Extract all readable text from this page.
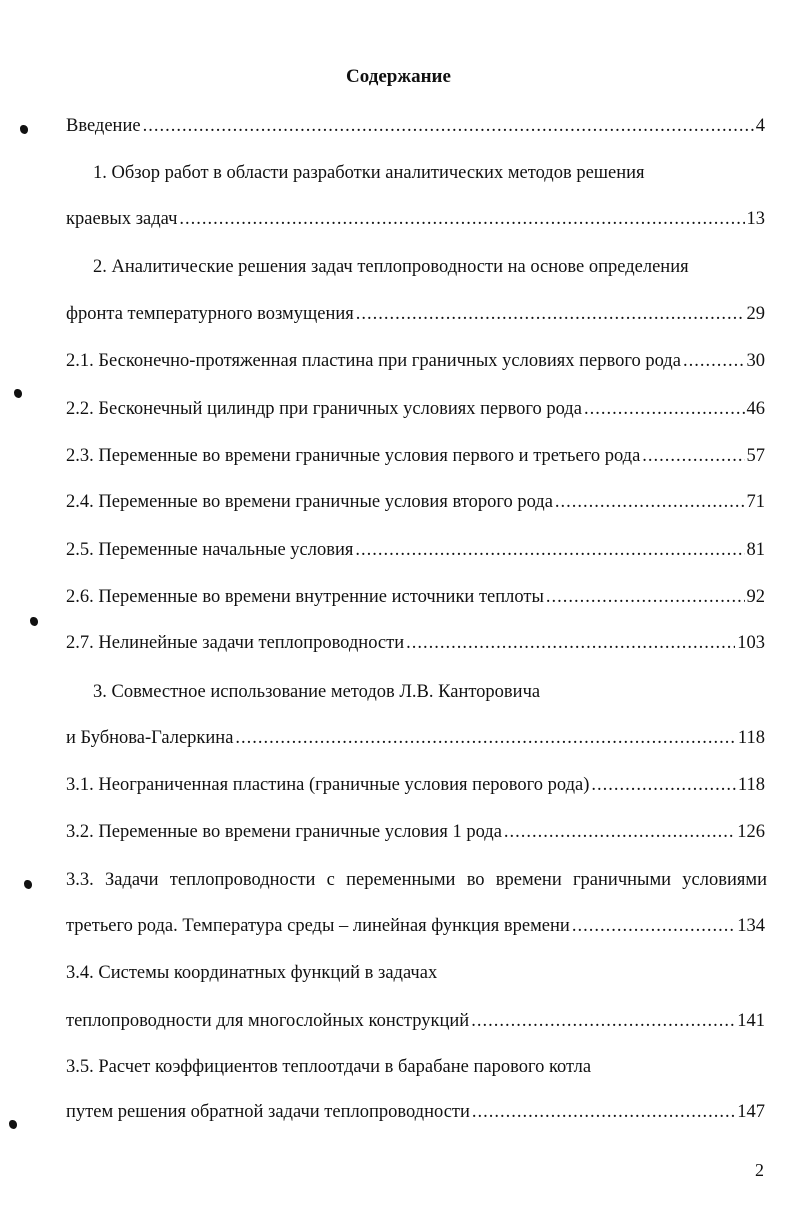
Содержание
Введение .....	4
1. Обзор работ в области разработки аналитических методов решения
краевых задач .....	13
2. Аналитические решения задач теплопроводности на основе определения
фронта температурного возмущения .....	29
2.1. Бесконечно-протяженная пластина при граничных условиях первого рода .....	30
2.2. Бесконечный цилиндр при граничных условиях первого рода .....	46
2.3. Переменные во времени граничные условия первого и третьего рода .....	57
2.4. Переменные во времени граничные условия второго рода .....	71
2.5. Переменные начальные условия .....	81
2.6. Переменные во времени внутренние источники теплоты .....	92
2.7. Нелинейные задачи теплопроводности .....	103
3. Совместное использование методов Л.В. Канторовича
и Бубнова-Галеркина .....	118
3.1. Неограниченная пластина (граничные условия перового рода) .....	118
3.2. Переменные во времени граничные условия 1 рода .....	126
3.3. Задачи теплопроводности с переменными во времени граничными условиями
третьего рода. Температура среды – линейная функция времени .....	134
3.4. Системы координатных функций в задачах
теплопроводности для многослойных конструкций .....	141
3.5. Расчет коэффициентов теплоотдачи в барабане парового котла
путем решения обратной задачи теплопроводности .....	147
2
